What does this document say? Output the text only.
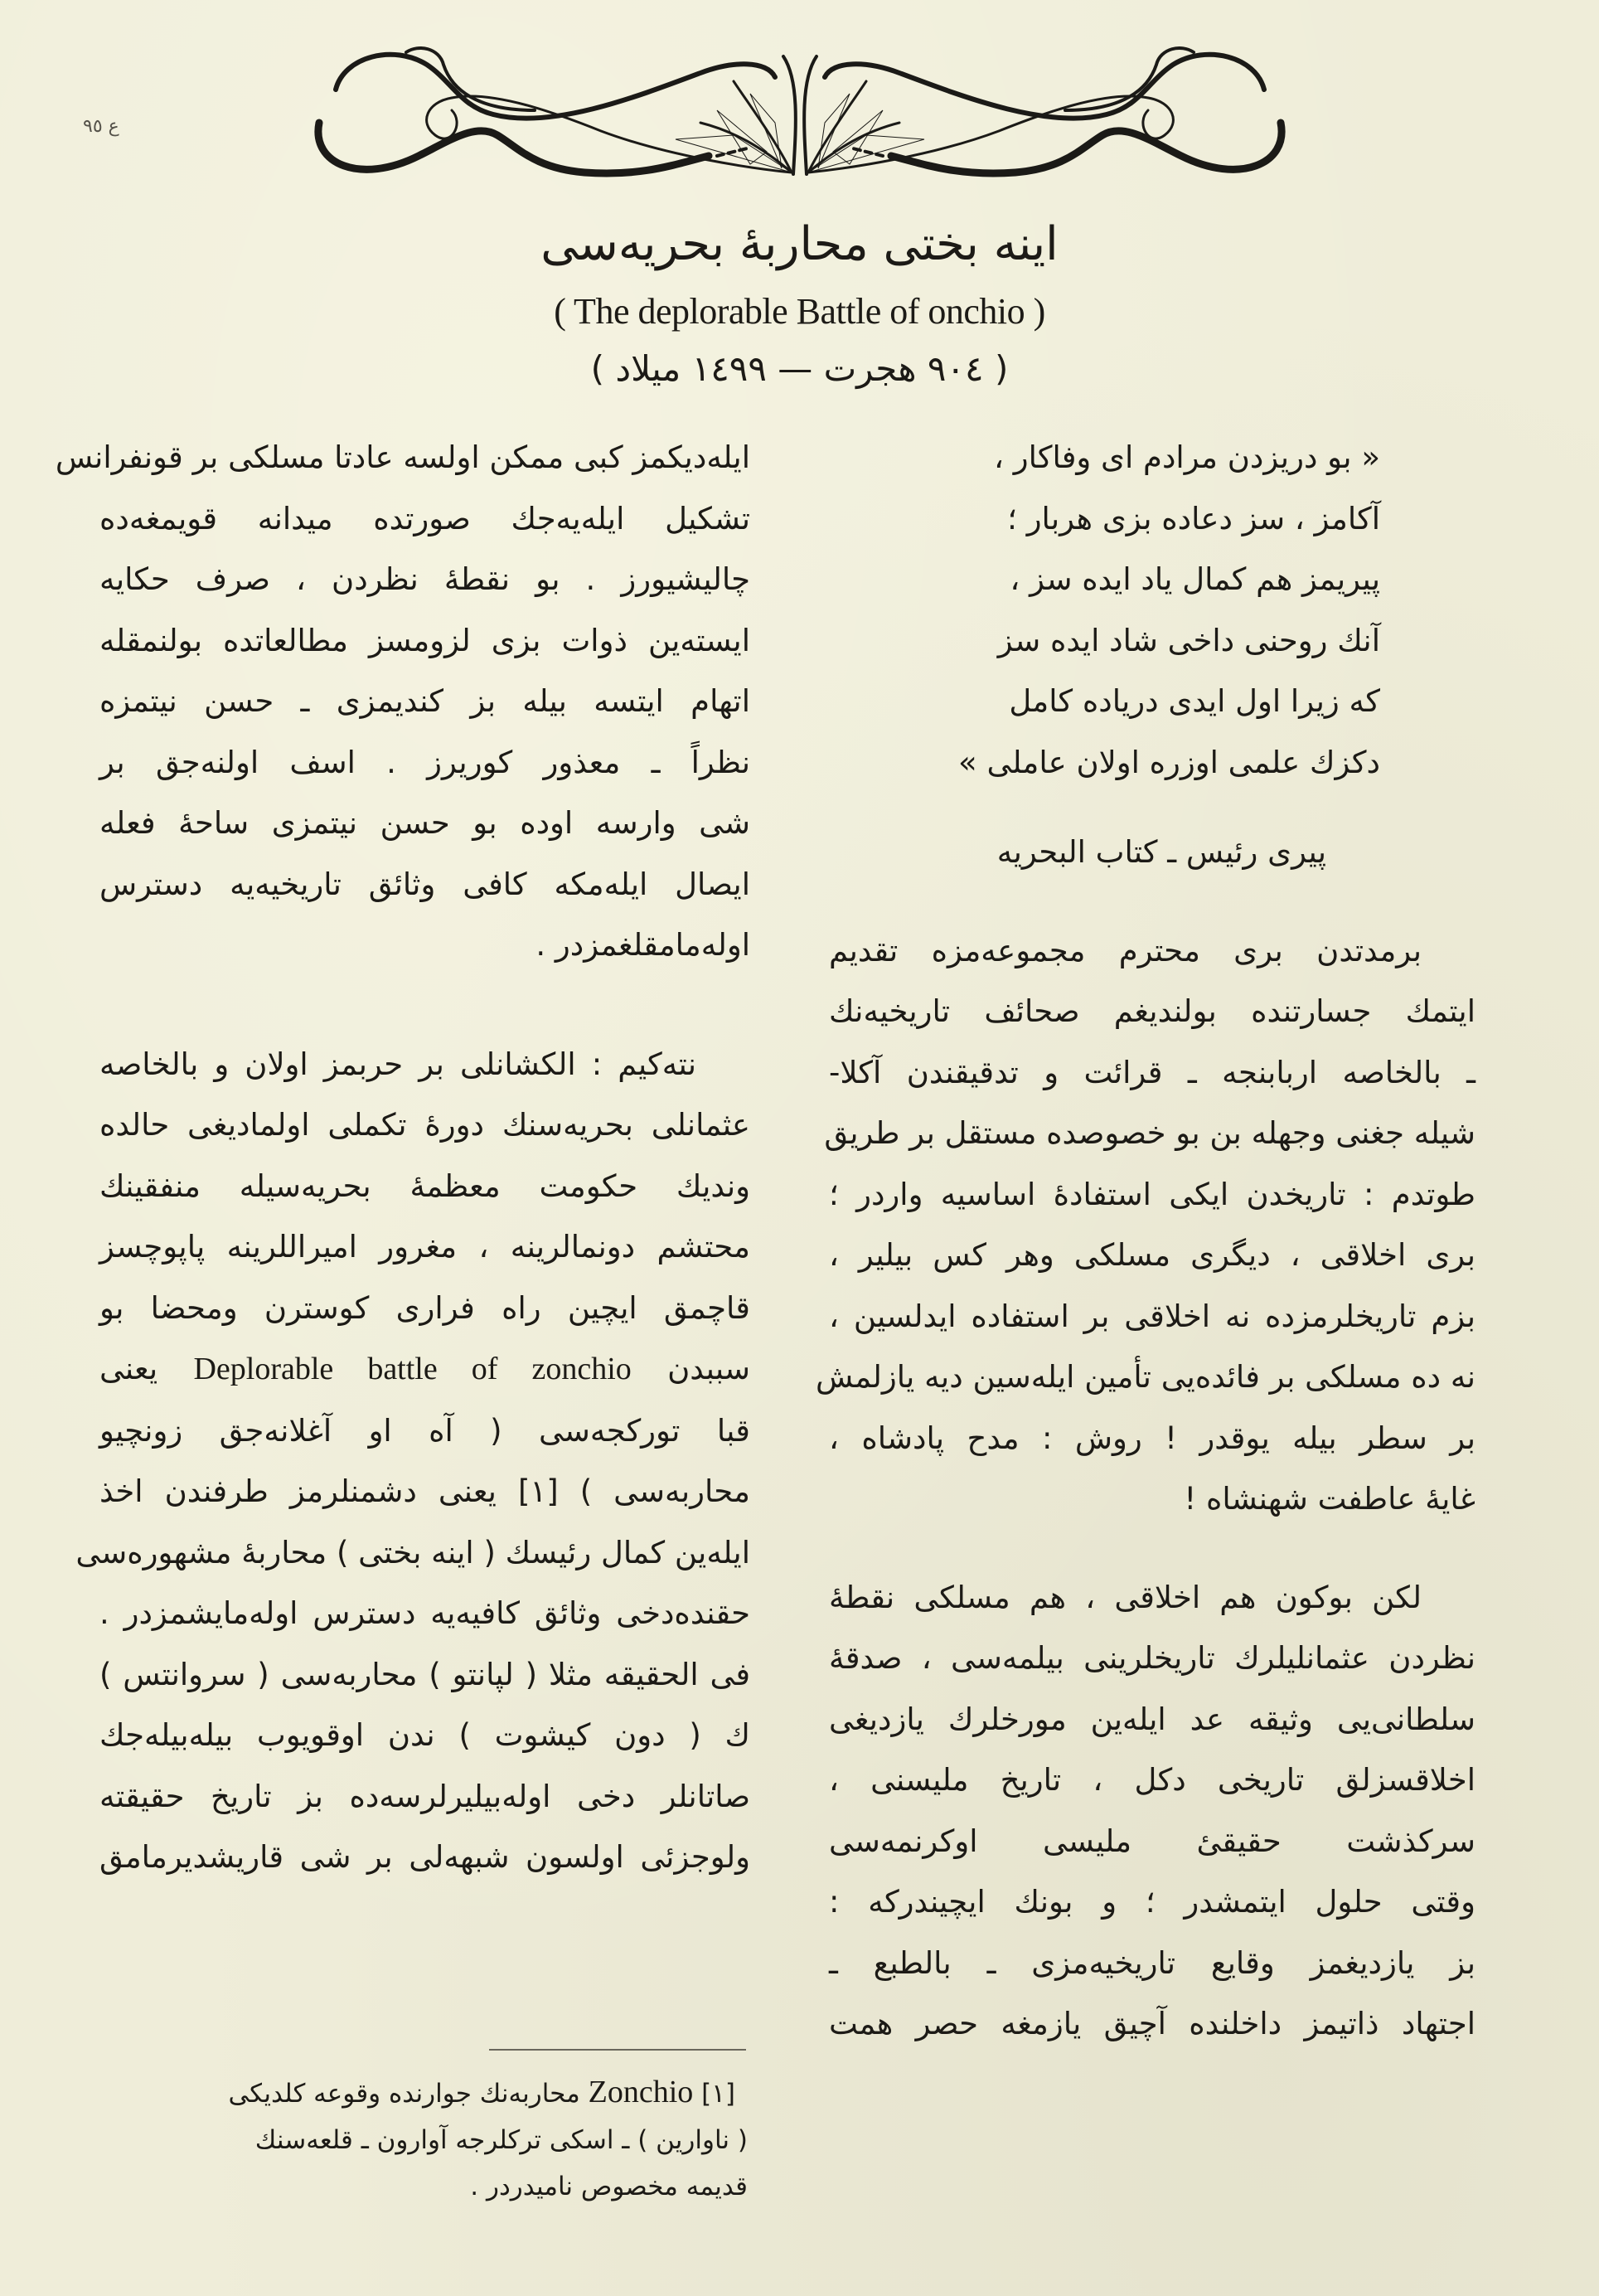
ع ٩٥
اینه بختی محاربهٔ بحریه‌سی
( The deplorable Battle of onchio )
( ۹۰٤ هجرت — ۱٤۹۹ میلاد )
« بو دریزدن مرادم ای وفاکار ،
آکامز ، سز دعاده بزی هربار ؛
پیریمز هم کمال یاد ایده سز ،
آنك روحنی داخی شاد ایده سز
که زیرا اول ایدی دریاده کامل
دکزك علمی اوزره اولان عاملی »
پیری رئیس ـ کتاب البحریه
برمدتدن بری محترم مجموعه‌مزه تقدیم
ایتمك جسارتنده بولندیغم صحائف تاریخیه‌نك
ـ بالخاصه اربابنجه ـ قرائت و تدقیقندن آکلا-
شیله جغنی وجهله بن بو خصوصده مستقل بر طریق
طوتدم : تاریخدن ایکی استفادهٔ اساسیه واردر ؛
بری اخلاقی ، دیگری مسلکی وهر کس بیلیر ،
بزم تاریخلرمزده نه اخلاقی بر استفاده ایدلسین ،
نه ده مسلکی بر فائده‌یی تأمین ایله‌سین دیه یازلمش
بر سطر بیله یوقدر ! روش : مدح پادشاه ،
غایهٔ عاطفت شهنشاه !
لکن بوکون هم اخلاقی ، هم مسلکی نقطهٔ
نظردن عثمانلیلرك تاریخلرینی بیلمه‌سی ، صدقهٔ
سلطانی‌یی وثیقه عد ایله‌ین مورخلرك یازدیغی
اخلاقسزلق تاریخی دکل ، تاریخ ملیسنی ،
سرکذشت حقیقیٔ ملیسی اوکرنمه‌سی
وقتی حلول ایتمشدر ؛ و بونك ایچیندرکه :
بز یازدیغمز وقایع تاریخیه‌مزی ـ بالطبع ـ
اجتهاد ذاتیمز داخلنده آچیق یازمغه حصر همت
ایله‌دیکمز کبی ممکن اولسه عادتا مسلکی بر قونفرانس
تشکیل ایله‌یه‌جك صورتده میدانه قویمغه‌ده
چالیشیورز . بو نقطهٔ نظردن ، صرف حکایه
ایسته‌ین ذوات بزی لزومسز مطالعاتده بولنمقله
اتهام ایتسه بیله بز کندیمزی ـ حسن نیتمزه
نظراً ـ معذور کوریرز . اسف اولنه‌جق بر
شی وارسه اوده بو حسن نیتمزی ساحهٔ فعله
ایصال ایله‌مکه کافی وثائق تاریخیه‌یه دسترس
اوله‌مامقلغمزدر .
نته‌کیم : الکشانلی بر حربمز اولان و بالخاصه
عثمانلی بحریه‌سنك دورهٔ تکملی اولمادیغی حالده
وندیك حکومت معظمهٔ بحریه‌سیله منفقینك
محتشم دونمالرینه ، مغرور امیراللرینه پاپوچسز
قاچمق ایچین راه فراری کوسترن ومحضا بو
سببدن Deplorable battle of zonchio یعنی
قبا تورکجه‌سی ( آه او آغلانه‌جق زونچیو
محاربه‌سی ) [۱] یعنی دشمنلرمز طرفندن اخذ
ایله‌ین کمال رئیسك ( اینه بختی ) محاربهٔ مشهوره‌سی
حقنده‌دخی وثائق کافیه‌یه دسترس اوله‌مایشمزدر .
فی الحقیقه مثلا ( لپانتو ) محاربه‌سی ( سروانتس )
ك ( دون کیشوت ) ندن اوقویوب بیله‌بیله‌جك
صاتانلر دخی اوله‌بیلیرلرسه‌ده بز تاریخ حقیقته
ولوجزئی اولسون شبهه‌لی بر شی قاریشدیرمامق
[۱] Zonchio محاربه‌نك جوارنده وقوعه کلدیکی
( ناوارین ) ـ اسکی ترکلرجه آوارون ـ قلعه‌سنك
قدیمه مخصوص نامیدردر .
